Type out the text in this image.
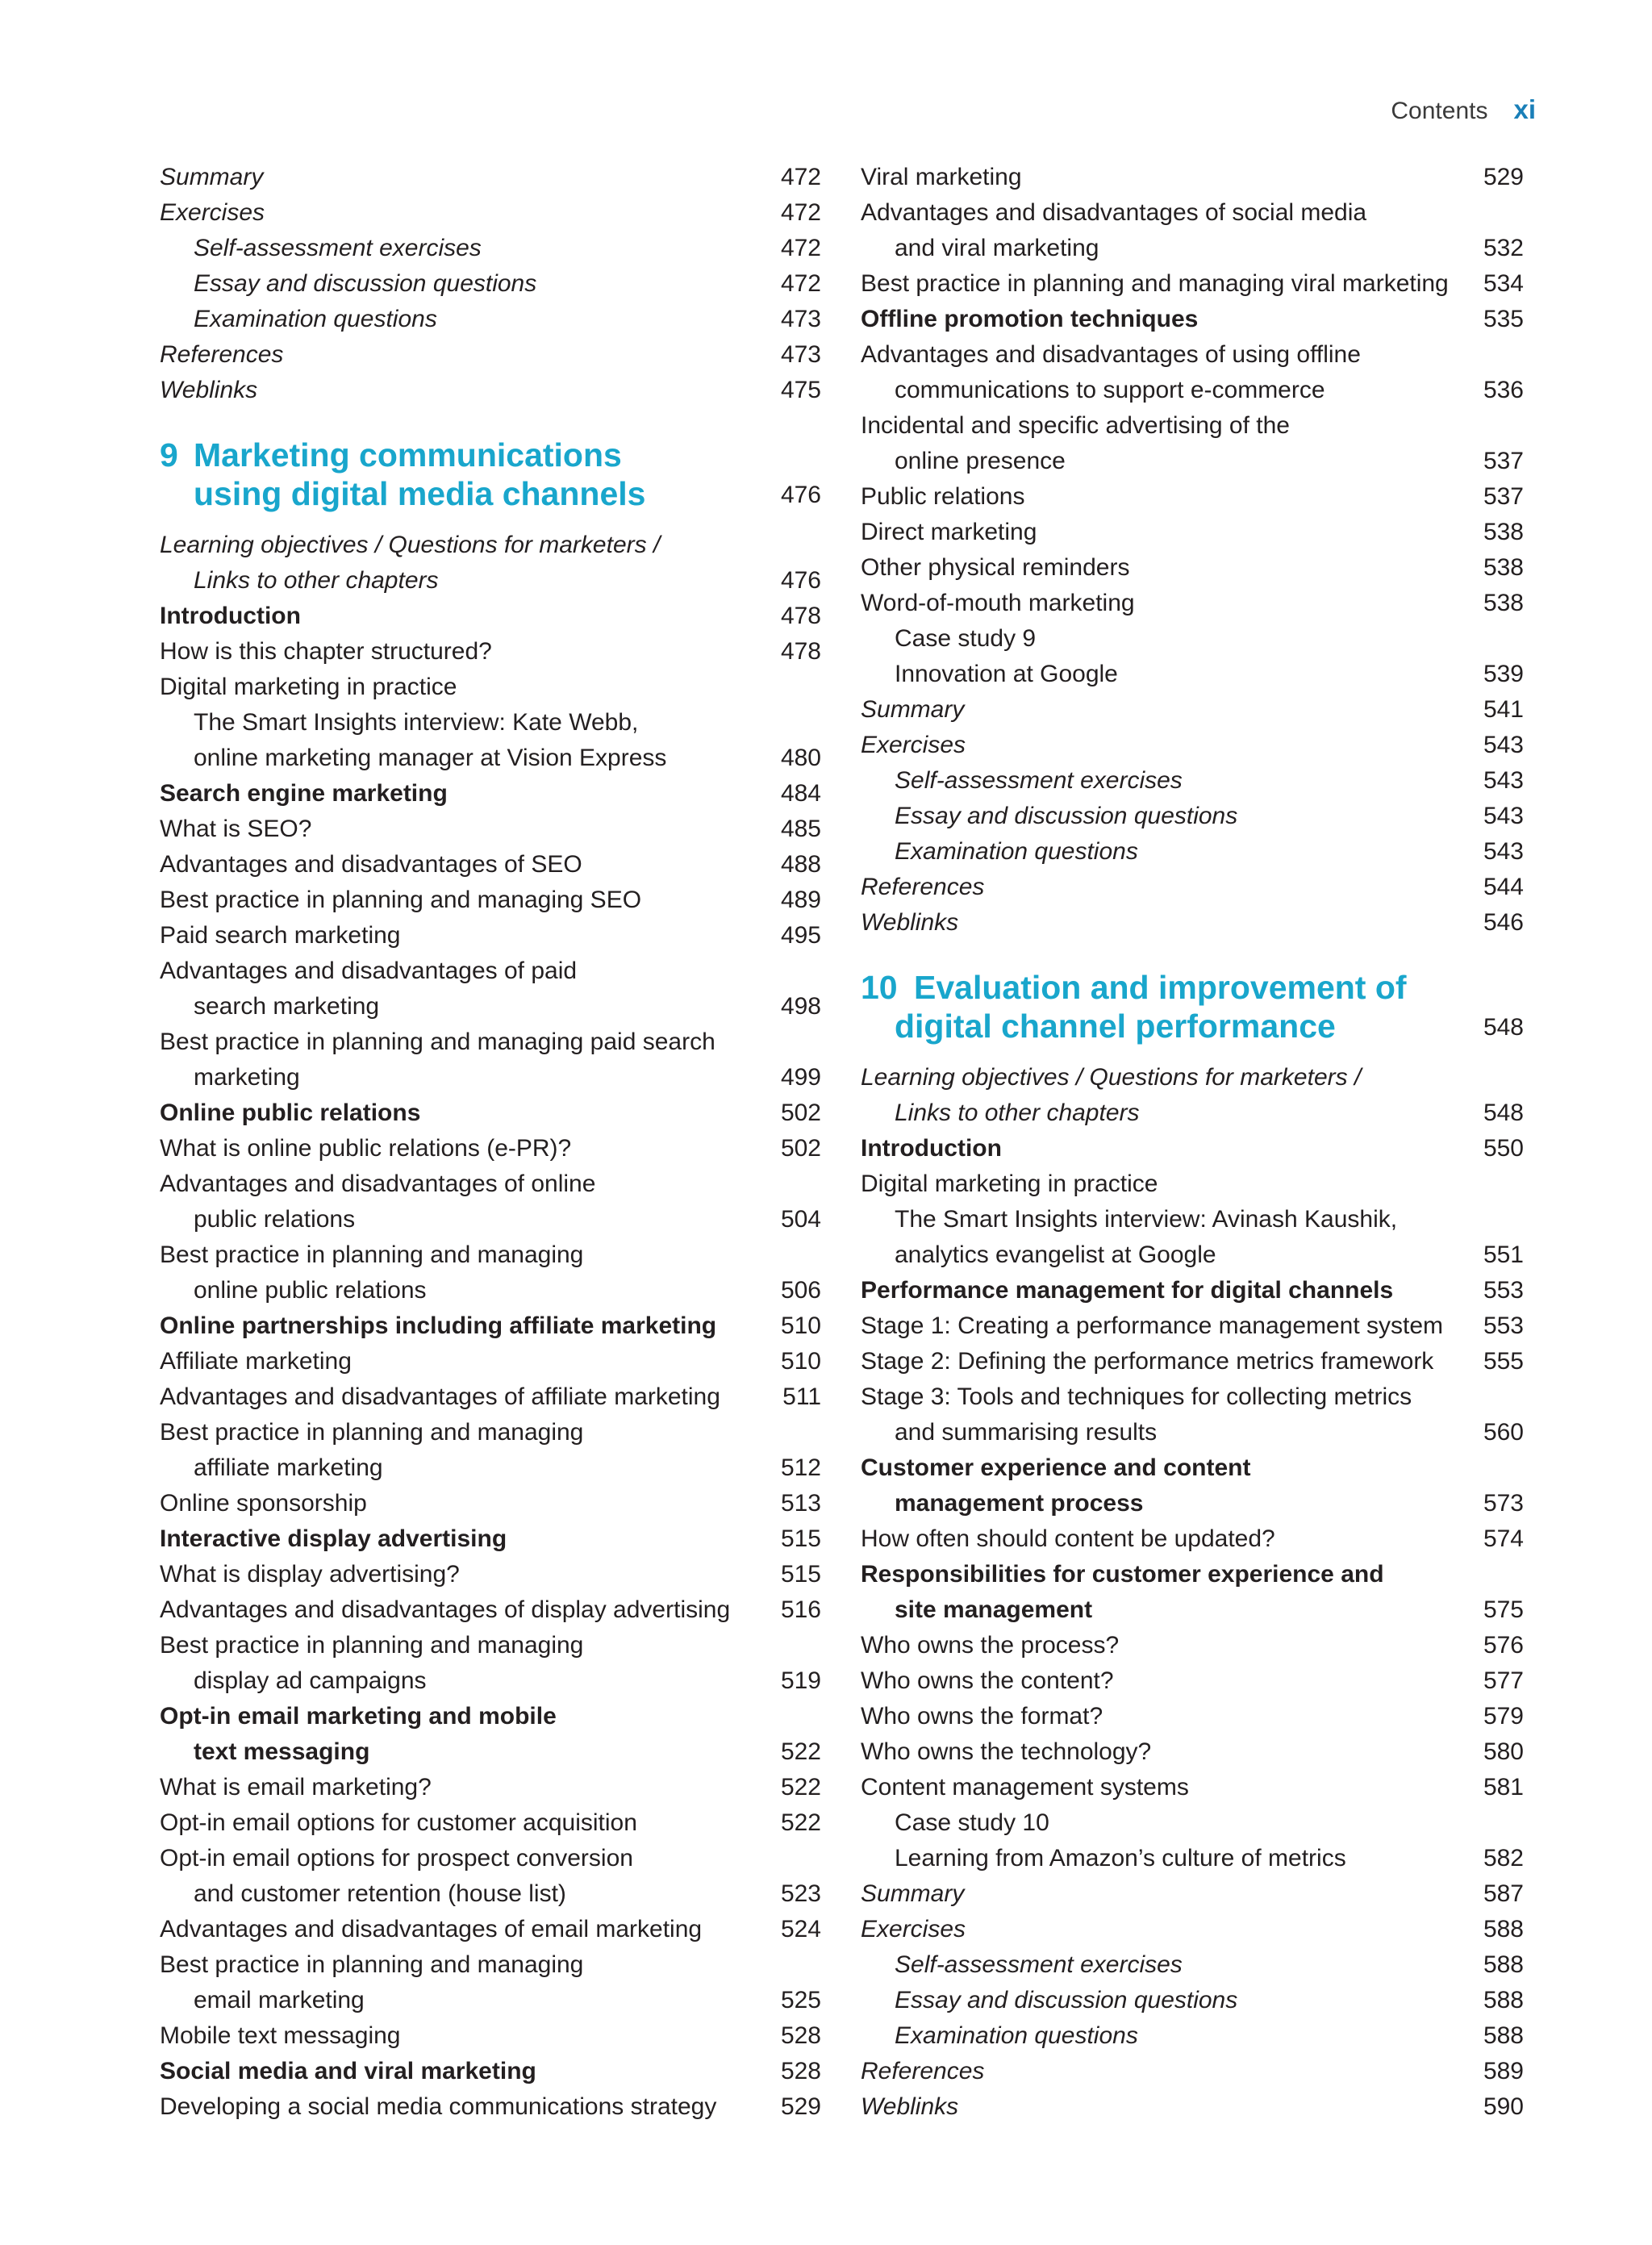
Contents xi
Summary	472
Exercises	472
Self-assessment exercises	472
Essay and discussion questions	472
Examination questions	473
References	473
Weblinks	475
9 Marketing communications
using digital media channels	476
Learning objectives / Questions for marketers /
Links to other chapters	476
Introduction	478
How is this chapter structured?	478
Digital marketing in practice
The Smart Insights interview: Kate Webb,
online marketing manager at Vision Express	480
Search engine marketing	484
What is SEO?	485
Advantages and disadvantages of SEO	488
Best practice in planning and managing SEO	489
Paid search marketing	495
Advantages and disadvantages of paid
search marketing	498
Best practice in planning and managing paid search
marketing	499
Online public relations	502
What is online public relations (e-PR)?	502
Advantages and disadvantages of online
public relations	504
Best practice in planning and managing
online public relations	506
Online partnerships including affiliate marketing	510
Affiliate marketing	510
Advantages and disadvantages of affiliate marketing	511
Best practice in planning and managing
affiliate marketing	512
Online sponsorship	513
Interactive display advertising	515
What is display advertising?	515
Advantages and disadvantages of display advertising 516
Best practice in planning and managing
display ad campaigns	519
Opt-in email marketing and mobile
text messaging	522
What is email marketing?	522
Opt-in email options for customer acquisition	522
Opt-in email options for prospect conversion
and customer retention (house list)	523
Advantages and disadvantages of email marketing	524
Best practice in planning and managing
email marketing	525
Mobile text messaging	528
Social media and viral marketing	528
Developing a social media communications strategy	529
Viral marketing	529
Advantages and disadvantages of social media
and viral marketing	532
Best practice in planning and managing viral marketing 534
Offline promotion techniques	535
Advantages and disadvantages of using offline
communications to support e-commerce	536
Incidental and specific advertising of the
online presence	537
Public relations	537
Direct marketing	538
Other physical reminders	538
Word-of-mouth marketing	538
Case study 9
Innovation at Google	539
Summary	541
Exercises	543
Self-assessment exercises	543
Essay and discussion questions	543
Examination questions	543
References	544
Weblinks	546
10 Evaluation and improvement of
digital channel performance	548
Learning objectives / Questions for marketers /
Links to other chapters	548
Introduction	550
Digital marketing in practice
The Smart Insights interview: Avinash Kaushik,
analytics evangelist at Google	551
Performance management for digital channels	553
Stage 1: Creating a performance management system 553
Stage 2: Defining the performance metrics framework 555
Stage 3: Tools and techniques for collecting metrics
and summarising results	560
Customer experience and content
management process	573
How often should content be updated?	574
Responsibilities for customer experience and
site management	575
Who owns the process?	576
Who owns the content?	577
Who owns the format?	579
Who owns the technology?	580
Content management systems	581
Case study 10
Learning from Amazon’s culture of metrics	582
Summary	587
Exercises	588
Self-assessment exercises	588
Essay and discussion questions	588
Examination questions	588
References	589
Weblinks	590
